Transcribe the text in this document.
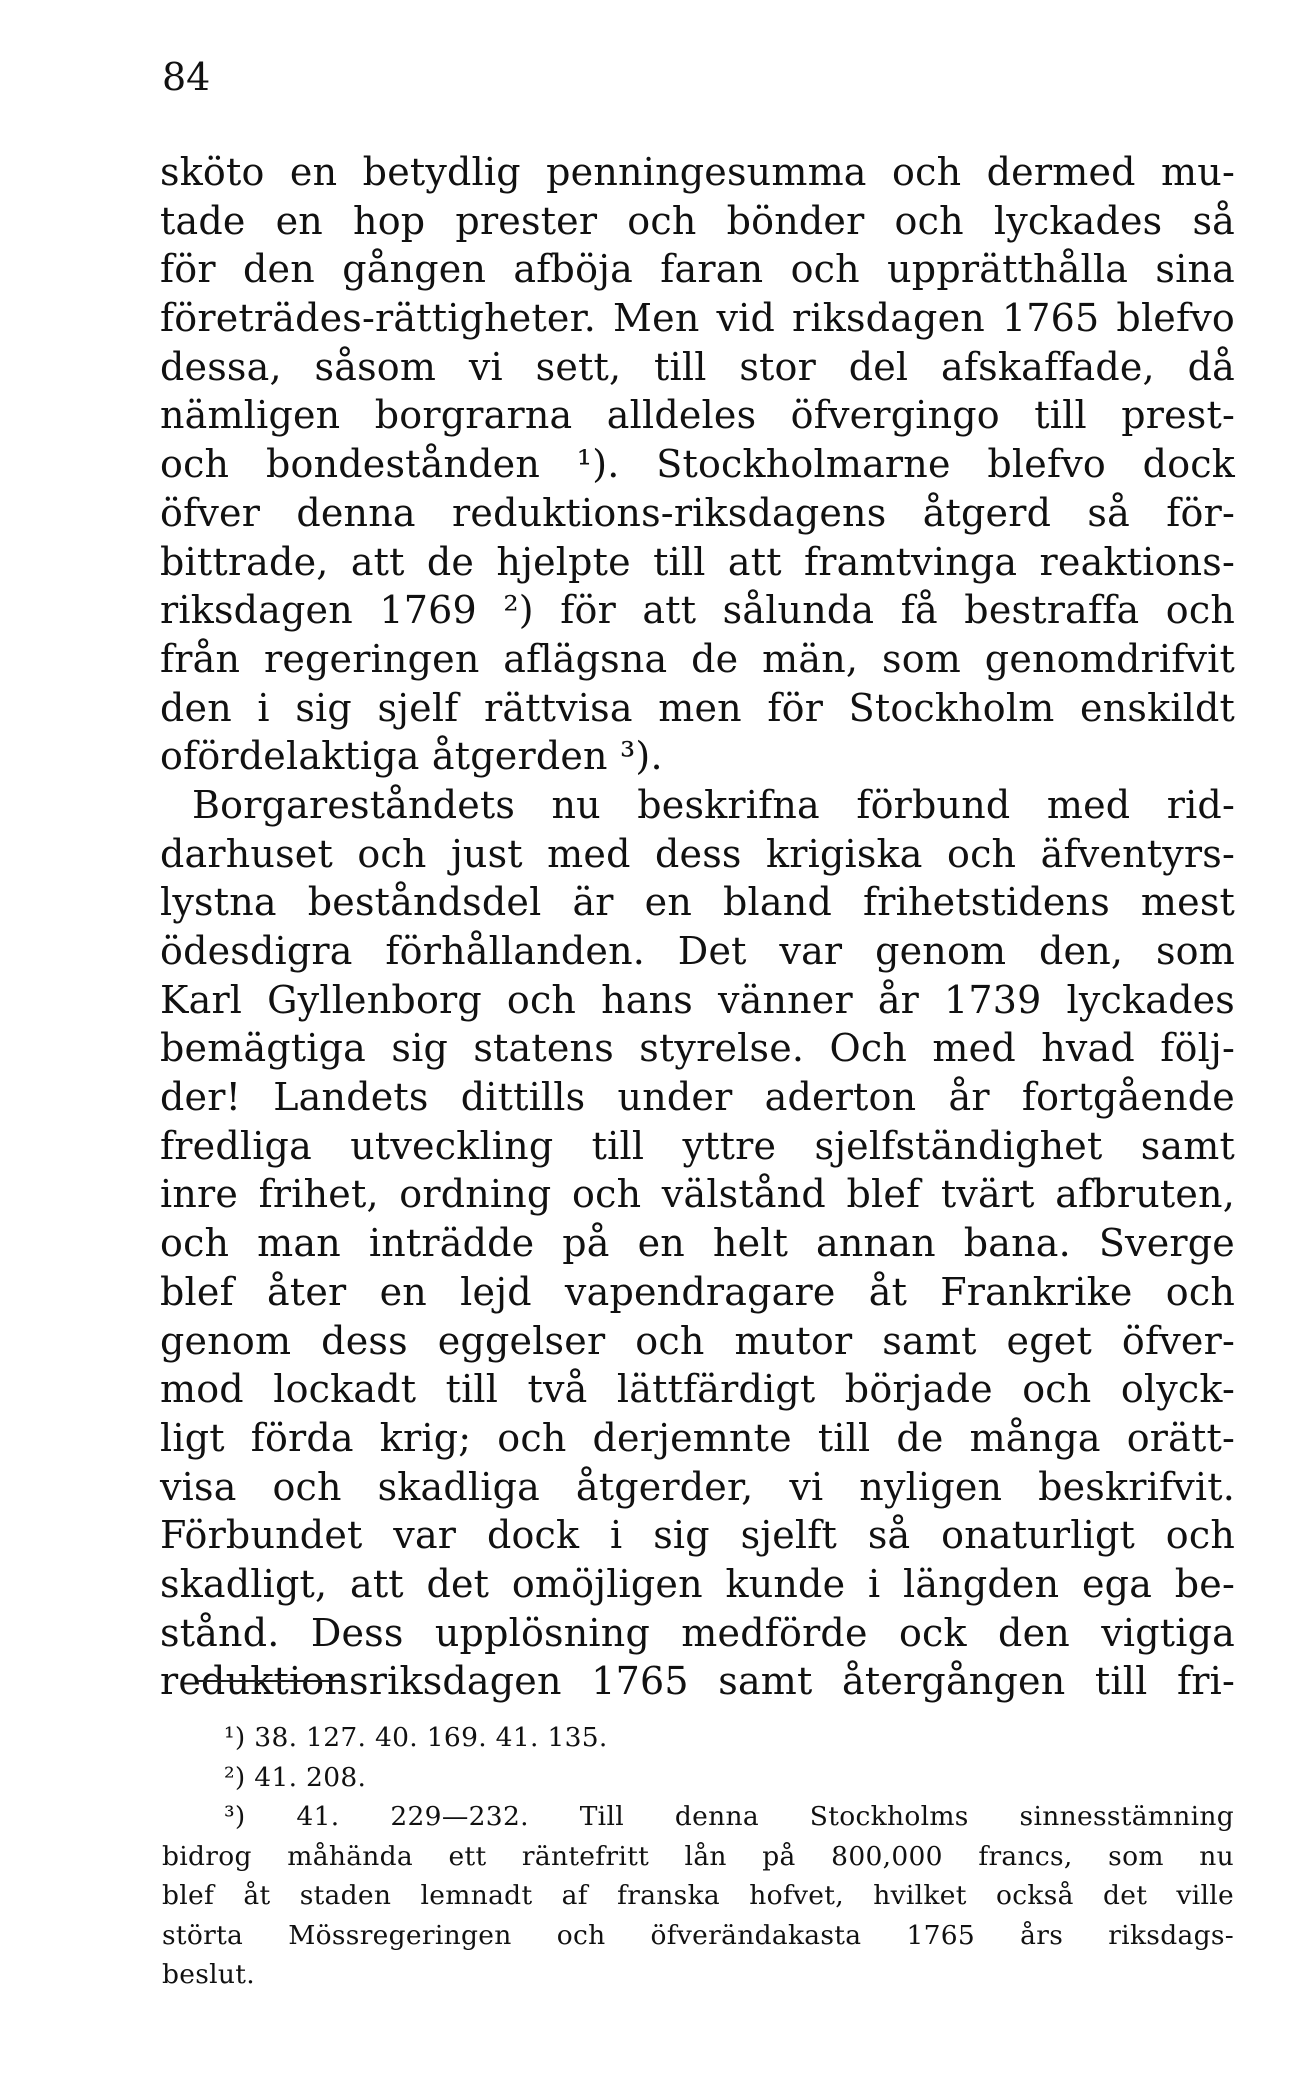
84
sköto en betydlig penningesumma och dermed mu-
tade en hop prester och bönder och lyckades så
för den gången afböja faran och upprätthålla sina
företrädes-rättigheter. Men vid riksdagen 1765 blefvo
dessa, såsom vi sett, till stor del afskaffade, då
nämligen borgrarna alldeles öfvergingo till prest-
och bondestånden ¹). Stockholmarne blefvo dock
öfver denna reduktions-riksdagens åtgerd så för-
bittrade, att de hjelpte till att framtvinga reaktions-
riksdagen 1769 ²) för att sålunda få bestraffa och
från regeringen aflägsna de män, som genomdrifvit
den i sig sjelf rättvisa men för Stockholm enskildt
ofördelaktiga åtgerden ³).
Borgareståndets nu beskrifna förbund med rid-
darhuset och just med dess krigiska och äfventyrs-
lystna beståndsdel är en bland frihetstidens mest
ödesdigra förhållanden. Det var genom den, som
Karl Gyllenborg och hans vänner år 1739 lyckades
bemägtiga sig statens styrelse. Och med hvad följ-
der! Landets dittills under aderton år fortgående
fredliga utveckling till yttre sjelfständighet samt
inre frihet, ordning och välstånd blef tvärt afbruten,
och man inträdde på en helt annan bana. Sverge
blef åter en lejd vapendragare åt Frankrike och
genom dess eggelser och mutor samt eget öfver-
mod lockadt till två lättfärdigt började och olyck-
ligt förda krig; och derjemnte till de många orätt-
visa och skadliga åtgerder, vi nyligen beskrifvit.
Förbundet var dock i sig sjelft så onaturligt och
skadligt, att det omöjligen kunde i längden ega be-
stånd. Dess upplösning medförde ock den vigtiga
reduktionsriksdagen 1765 samt återgången till fri-
¹) 38. 127. 40. 169. 41. 135.
²) 41. 208.
³) 41. 229—232. Till denna Stockholms sinnesstämning
bidrog måhända ett räntefritt lån på 800,000 francs, som nu
blef åt staden lemnadt af franska hofvet, hvilket också det ville
störta Mössregeringen och öfverändakasta 1765 års riksdags-
beslut.
